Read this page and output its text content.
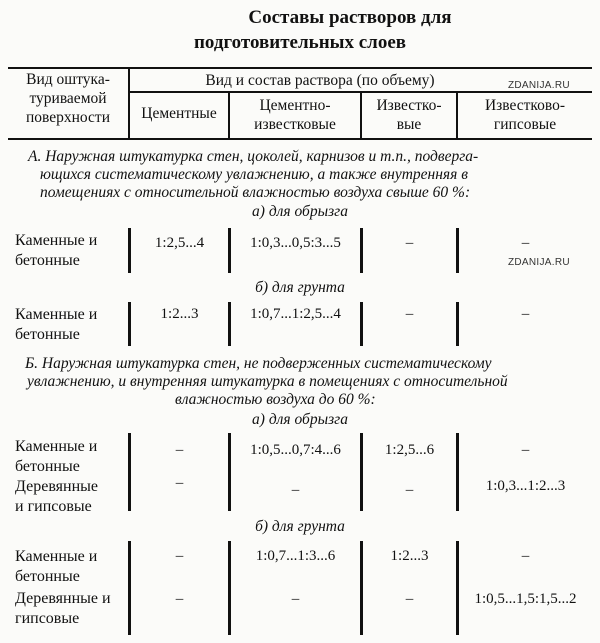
Составы растворов для
подготовительных слоев
Вид оштука-
туриваемой
поверхности
Вид и состав раствора (по объему)	ZDANIJA.RU
Цементные	Цементно-
известковые
Известко-
вые
Известково-
гипсовые
А. Наружная штукатурка стен, цоколей, карнизов и т.п., подверга-
ющихся систематическому увлажнению, а также внутренняя в
помещениях с относительной влажностью воздуха свыше 60 %:
а) для обрызга
Каменные и
бетонные
1:2,5...4	1:0,3...0,5:3...5	–	–
ZDANIJA.RU
б) для грунта
Каменные и
бетонные
1:2...3	1:0,7...1:2,5...4	–	–
Б. Наружная штукатурка стен, не подверженных систематическому
увлажнению, и внутренняя штукатурка в помещениях с относительной
влажностью воздуха до 60 %:
а) для обрызга
Каменные и
бетонные
–	1:0,5...0,7:4...6	1:2,5...6	–
Деревянные
и гипсовые
–	–	–	1:0,3...1:2...3
б) для грунта
Каменные и
бетонные
–	1:0,7...1:3...6	1:2...3	–
Деревянные и
гипсовые
–	–	–	1:0,5...1,5:1,5...2
